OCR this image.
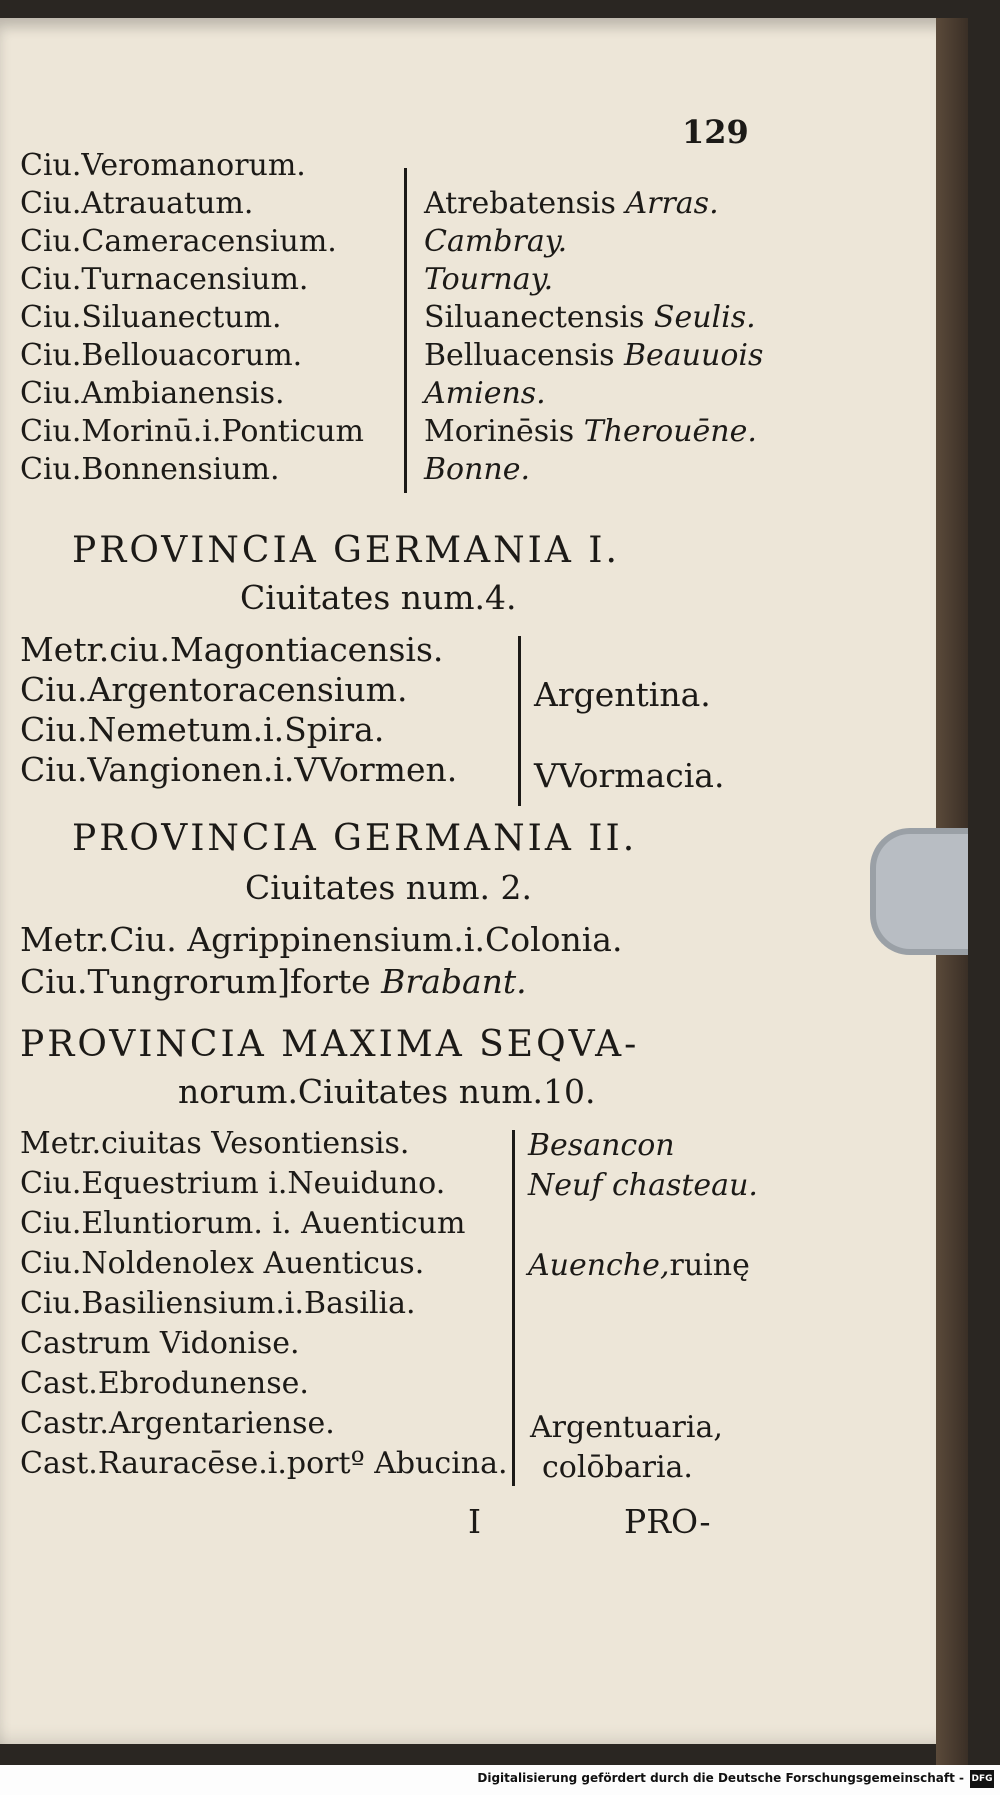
129
Ciu.Veromanorum.
Ciu.Atrauatum.
Ciu.Cameracensium.
Ciu.Turnacensium.
Ciu.Siluanectum.
Ciu.Bellouacorum.
Ciu.Ambianensis.
Ciu.Morinū.i.Ponticum
Ciu.Bonnensium.
Atrebatensis Arras.
Cambray.
Tournay.
Siluanectensis Seulis.
Belluacensis Beauuois
Amiens.
Morinēsis Therouēne.
Bonne.
PROVINCIA GERMANIA I.
Ciuitates num.4.
Metr.ciu.Magontiacensis.
Ciu.Argentoracensium.
Ciu.Nemetum.i.Spira.
Ciu.Vangionen.i.VVormen.
Argentina.
VVormacia.
PROVINCIA GERMANIA II.
Ciuitates num. 2.
Metr.Ciu. Agrippinensium.i.Colonia.
Ciu.Tungrorum]forte Brabant.
PROVINCIA MAXIMA SEQVA-
norum.Ciuitates num.10.
Metr.ciuitas Vesontiensis.
Ciu.Equestrium i.Neuiduno.
Ciu.Eluntiorum. i. Auenticum
Ciu.Noldenolex Auenticus.
Ciu.Basiliensium.i.Basilia.
Castrum Vidonise.
Cast.Ebrodunense.
Castr.Argentariense.
Cast.Rauracēse.i.portº Abucina.
Besancon
Neuf chasteau.
Auenche,ruinę
Argentuaria,
colōbaria.
I	PRO-
Digitalisierung gefördert durch die Deutsche Forschungsgemeinschaft - DFG
